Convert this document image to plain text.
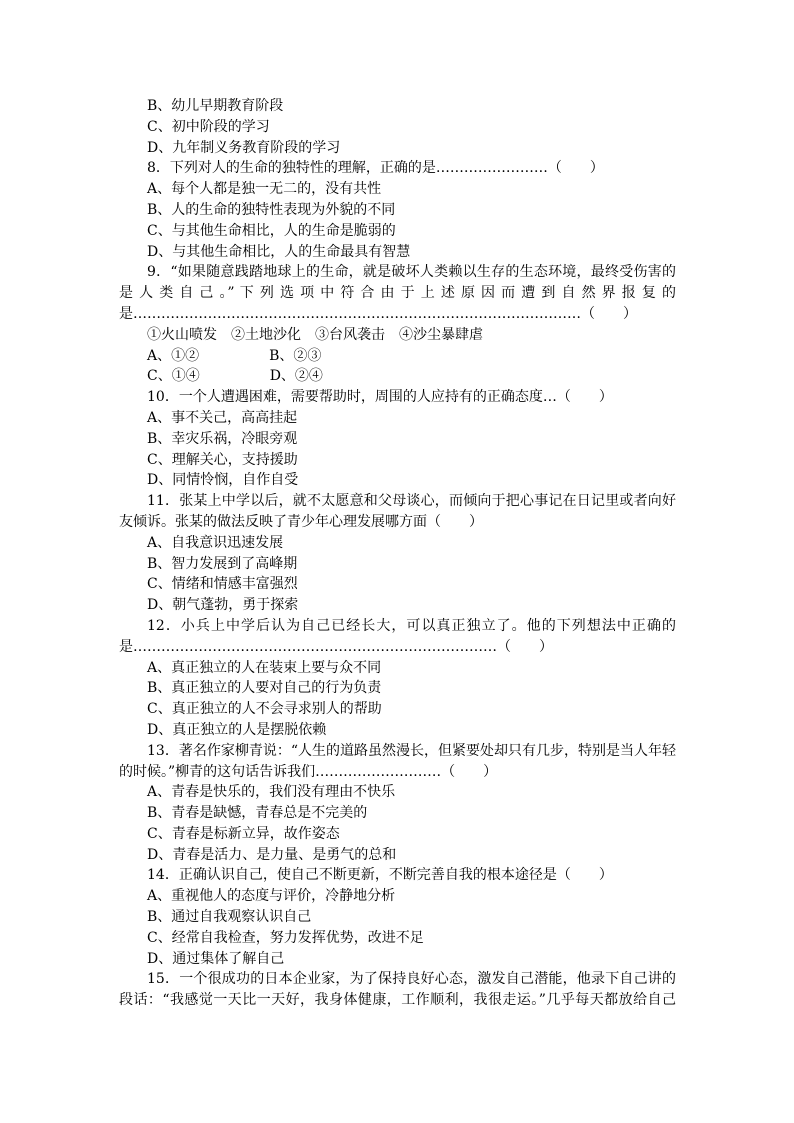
B、幼儿早期教育阶段
C、初中阶段的学习
D、九年制义务教育阶段的学习
8．下列对人的生命的独特性的理解，正确的是……………………（　　）
A、每个人都是独一无二的，没有共性
B、人的生命的独特性表现为外貌的不同
C、与其他生命相比，人的生命是脆弱的
D、与其他生命相比，人的生命最具有智慧
9．“如果随意践踏地球上的生命，就是破坏人类赖以生存的生态环境，最终受伤害的
是 人 类 自 己 。” 下 列 选 项 中 符 合 由 于 上 述 原 因 而 遭 到 自 然 界 报 复 的
是……………………………………………………………………………………（　　）
①火山喷发　②土地沙化　③台风袭击　④沙尘暴肆虐
A、①②　　　　　B、②③
C、①④　　　　　D、②④
10．一个人遭遇困难，需要帮助时，周围的人应持有的正确态度…（　　）
A、事不关己，高高挂起
B、幸灾乐祸，冷眼旁观
C、理解关心，支持援助
D、同情怜悯，自作自受
11．张某上中学以后，就不太愿意和父母谈心，而倾向于把心事记在日记里或者向好
友倾诉。张某的做法反映了青少年心理发展哪方面（　　）
A、自我意识迅速发展
B、智力发展到了高峰期
C、情绪和情感丰富强烈
D、朝气蓬勃，勇于探索
12．小兵上中学后认为自己已经长大，可以真正独立了。他的下列想法中正确的
是……………………………………………………………………（　　）
A、真正独立的人在装束上要与众不同
B、真正独立的人要对自己的行为负责
C、真正独立的人不会寻求别人的帮助
D、真正独立的人是摆脱依赖
13．著名作家柳青说：“人生的道路虽然漫长，但紧要处却只有几步，特别是当人年轻
的时候。”柳青的这句话告诉我们………………………（　　）
A、青春是快乐的，我们没有理由不快乐
B、青春是缺憾，青春总是不完美的
C、青春是标新立异，故作姿态
D、青春是活力、是力量、是勇气的总和
14．正确认识自己，使自己不断更新，不断完善自我的根本途径是（　　）
A、重视他人的态度与评价，冷静地分析
B、通过自我观察认识自己
C、经常自我检查，努力发挥优势，改进不足
D、通过集体了解自己
15．一个很成功的日本企业家，为了保持良好心态，激发自己潜能，他录下自己讲的
段话：“我感觉一天比一天好，我身体健康，工作顺利，我很走运。”几乎每天都放给自己
